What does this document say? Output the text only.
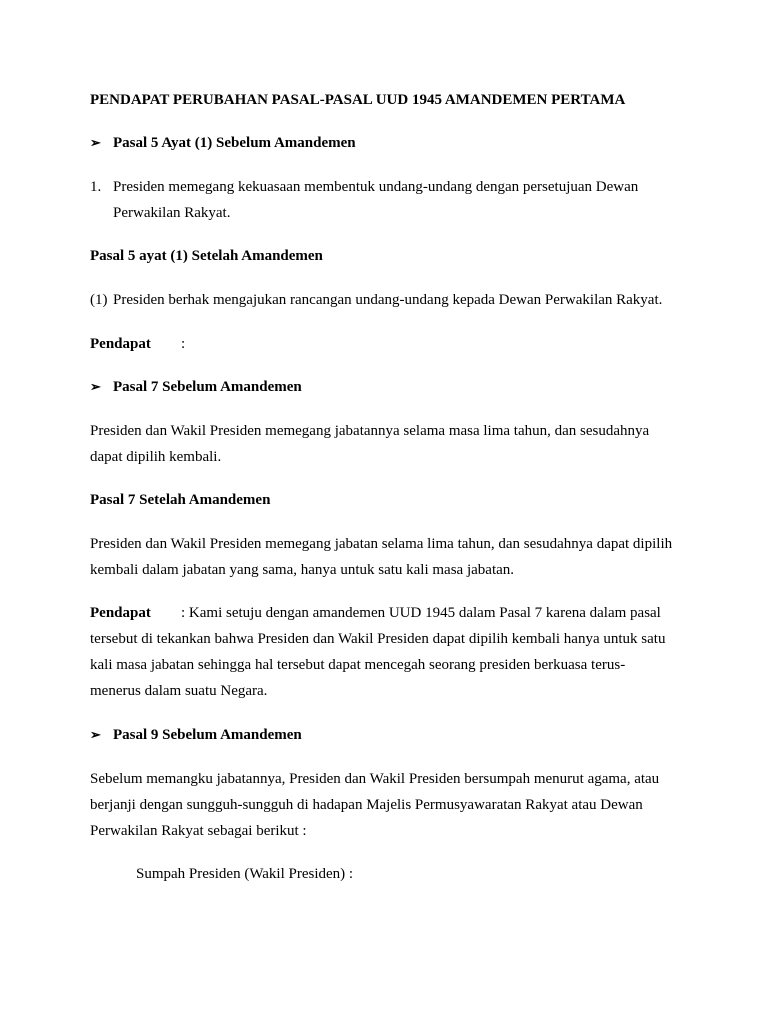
PENDAPAT PERUBAHAN PASAL-PASAL UUD 1945 AMANDEMEN PERTAMA
➢ Pasal 5 Ayat (1) Sebelum Amandemen
1. Presiden memegang kekuasaan membentuk undang-undang dengan persetujuan Dewan
Perwakilan Rakyat.
Pasal 5 ayat (1) Setelah Amandemen
(1) Presiden berhak mengajukan rancangan undang-undang kepada Dewan Perwakilan Rakyat.
Pendapat :
➢ Pasal 7 Sebelum Amandemen
Presiden dan Wakil Presiden memegang jabatannya selama masa lima tahun, dan sesudahnya
dapat dipilih kembali.
Pasal 7 Setelah Amandemen
Presiden dan Wakil Presiden memegang jabatan selama lima tahun, dan sesudahnya dapat dipilih
kembali dalam jabatan yang sama, hanya untuk satu kali masa jabatan.
Pendapat : Kami setuju dengan amandemen UUD 1945 dalam Pasal 7 karena dalam pasal
tersebut di tekankan bahwa Presiden dan Wakil Presiden dapat dipilih kembali hanya untuk satu
kali masa jabatan sehingga hal tersebut dapat mencegah seorang presiden berkuasa terus-
menerus dalam suatu Negara.
➢ Pasal 9 Sebelum Amandemen
Sebelum memangku jabatannya, Presiden dan Wakil Presiden bersumpah menurut agama, atau
berjanji dengan sungguh-sungguh di hadapan Majelis Permusyawaratan Rakyat atau Dewan
Perwakilan Rakyat sebagai berikut :
Sumpah Presiden (Wakil Presiden) :
